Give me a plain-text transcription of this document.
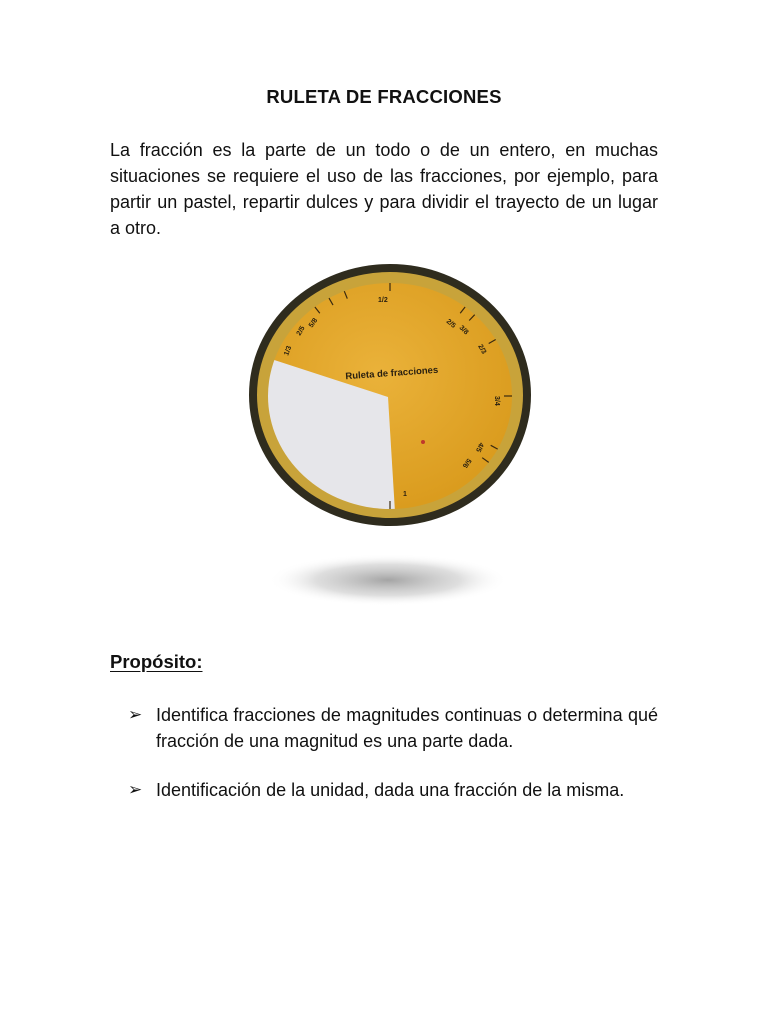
RULETA DE FRACCIONES

La fracción es la parte de un todo o de un entero, en muchas situaciones se requiere el uso de las fracciones, por ejemplo, para partir un pastel, repartir dulces y para dividir el trayecto de un lugar a otro.

1/2
2/5
3/8
1/3
2/5
5/8
2/3
3/4
4/5
5/6
1
Ruleta de fracciones
Propósito:
➢ Identifica fracciones de magnitudes continuas o determina qué fracción de una magnitud es una parte dada.
➢ Identificación de la unidad, dada una fracción de la misma.
